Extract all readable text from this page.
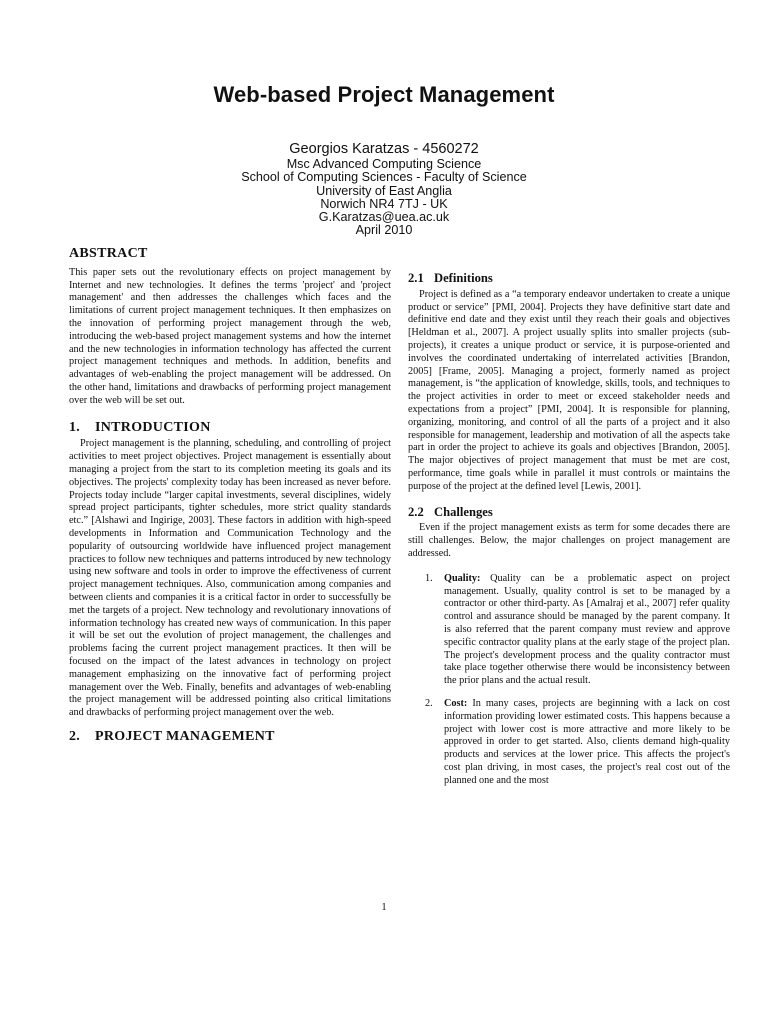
Web-based Project Management
Georgios Karatzas - 4560272
Msc Advanced Computing Science
School of Computing Sciences - Faculty of Science
University of East Anglia
Norwich NR4 7TJ - UK
G.Karatzas@uea.ac.uk
April 2010
ABSTRACT

This paper sets out the revolutionary effects on project management by Internet and new technologies. It defines the terms 'project' and 'project management' and then addresses the challenges which faces and the limitations of current project management techniques. It then emphasizes on the innovation of performing project management through the web, introducing the web-based project management systems and how the internet and the new technologies in information technology has affected the current project management techniques and methods. In addition, benefits and advantages of web-enabling the project management will be addressed. On the other hand, limitations and drawbacks of performing project management over the web will be set out.

1. INTRODUCTION

Project management is the planning, scheduling, and controlling of project activities to meet project objectives. Project management is essentially about managing a project from the start to its completion meeting its goals and its objectives. The projects' complexity today has been increased as never before. Projects today include “larger capital investments, several disciplines, widely spread project participants, tighter schedules, more strict quality standards etc.” [Alshawi and Ingirige, 2003]. These factors in addition with high-speed developments in Information and Communication Technology and the popularity of outsourcing worldwide have influenced project management practices to follow new techniques and patterns introduced by new technology using new software and tools in order to improve the effectiveness of current project management techniques. Also, communication among companies and between clients and companies it is a critical factor in order to successfully be met the targets of a project. New technology and revolutionary innovations of information technology has created new ways of communication. In this paper it will be set out the evolution of project management, the challenges and problems facing the current project management practices. It then will be focused on the impact of the latest advances in technology on project management emphasizing on the innovative fact of performing project management over the Web. Finally, benefits and advantages of web-enabling the project management will be addressed pointing also critical limitations and drawbacks of performing project management over the web.

2. PROJECT MANAGEMENT
2.1 Definitions

Project is defined as a “a temporary endeavor undertaken to create a unique product or service” [PMI, 2004]. Projects they have definitive start date and definitive end date and they exist until they reach their goals and objectives [Heldman et al., 2007]. A project usually splits into smaller projects (sub-projects), it creates a unique product or service, it is purpose-oriented and involves the coordinated undertaking of interrelated activities [Brandon, 2005] [Frame, 2005]. Managing a project, formerly named as project management, is “the application of knowledge, skills, tools, and techniques to the project activities in order to meet or exceed stakeholder needs and expectations from a project” [PMI, 2004]. It is responsible for planning, organizing, monitoring, and control of all the parts of a project and it also responsible for management, leadership and motivation of all the aspects take part in order the project to achieve its goals and objectives [Brandon, 2005]. The major objectives of project management that must be met are cost, performance, time goals while in parallel it must controls or maintains the purpose of the project at the defined level [Lewis, 2001].

2.2 Challenges

Even if the project management exists as term for some decades there are still challenges. Below, the major challenges on project management are addressed.

1. Quality: Quality can be a problematic aspect on project management. Usually, quality control is set to be managed by a contractor or other third-party. As [Amalraj et al., 2007] refer quality control and assurance should be managed by the parent company. It is also referred that the parent company must review and approve specific contractor quality plans at the early stage of the project plan. The project's development process and the quality contractor must take place together otherwise there would be inconsistency between the prior plans and the actual result.
2. Cost: In many cases, projects are beginning with a lack on cost information providing lower estimated costs. This happens because a project with lower cost is more attractive and more likely to be approved in order to get started. Also, clients demand high-quality products and services at the lower price. This affects the project's cost plan driving, in most cases, the project's real cost out of the planned one and the most
1
